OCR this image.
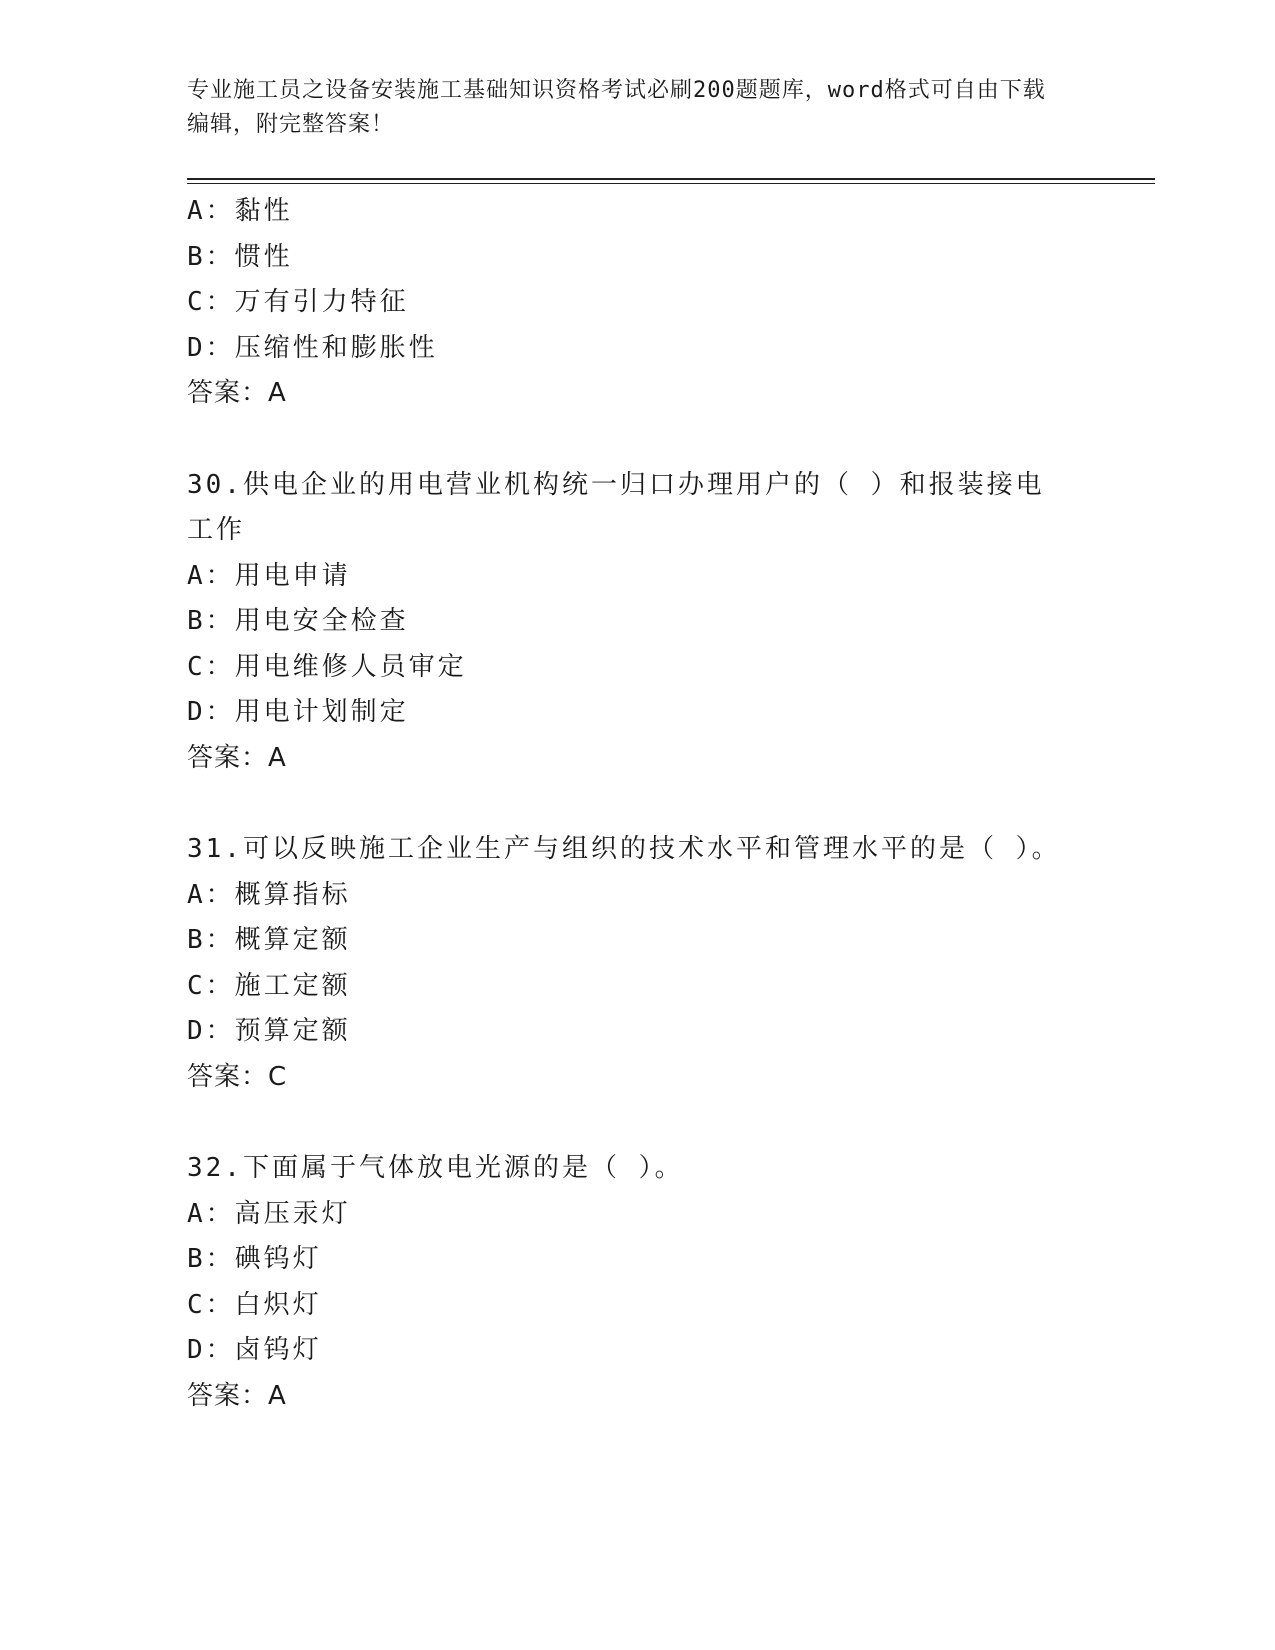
专业施工员之设备安装施工基础知识资格考试必刷200题题库，word格式可自由下载编辑，附完整答案！
A：黏性
B：惯性
C：万有引力特征
D：压缩性和膨胀性
答案：A
30.供电企业的用电营业机构统一归口办理用户的（ ）和报装接电工作
A：用电申请
B：用电安全检查
C：用电维修人员审定
D：用电计划制定
答案：A
31.可以反映施工企业生产与组织的技术水平和管理水平的是（ ）。
A：概算指标
B：概算定额
C：施工定额
D：预算定额
答案：C
32.下面属于气体放电光源的是（ ）。
A：高压汞灯
B：碘钨灯
C：白炽灯
D：卤钨灯
答案：A
